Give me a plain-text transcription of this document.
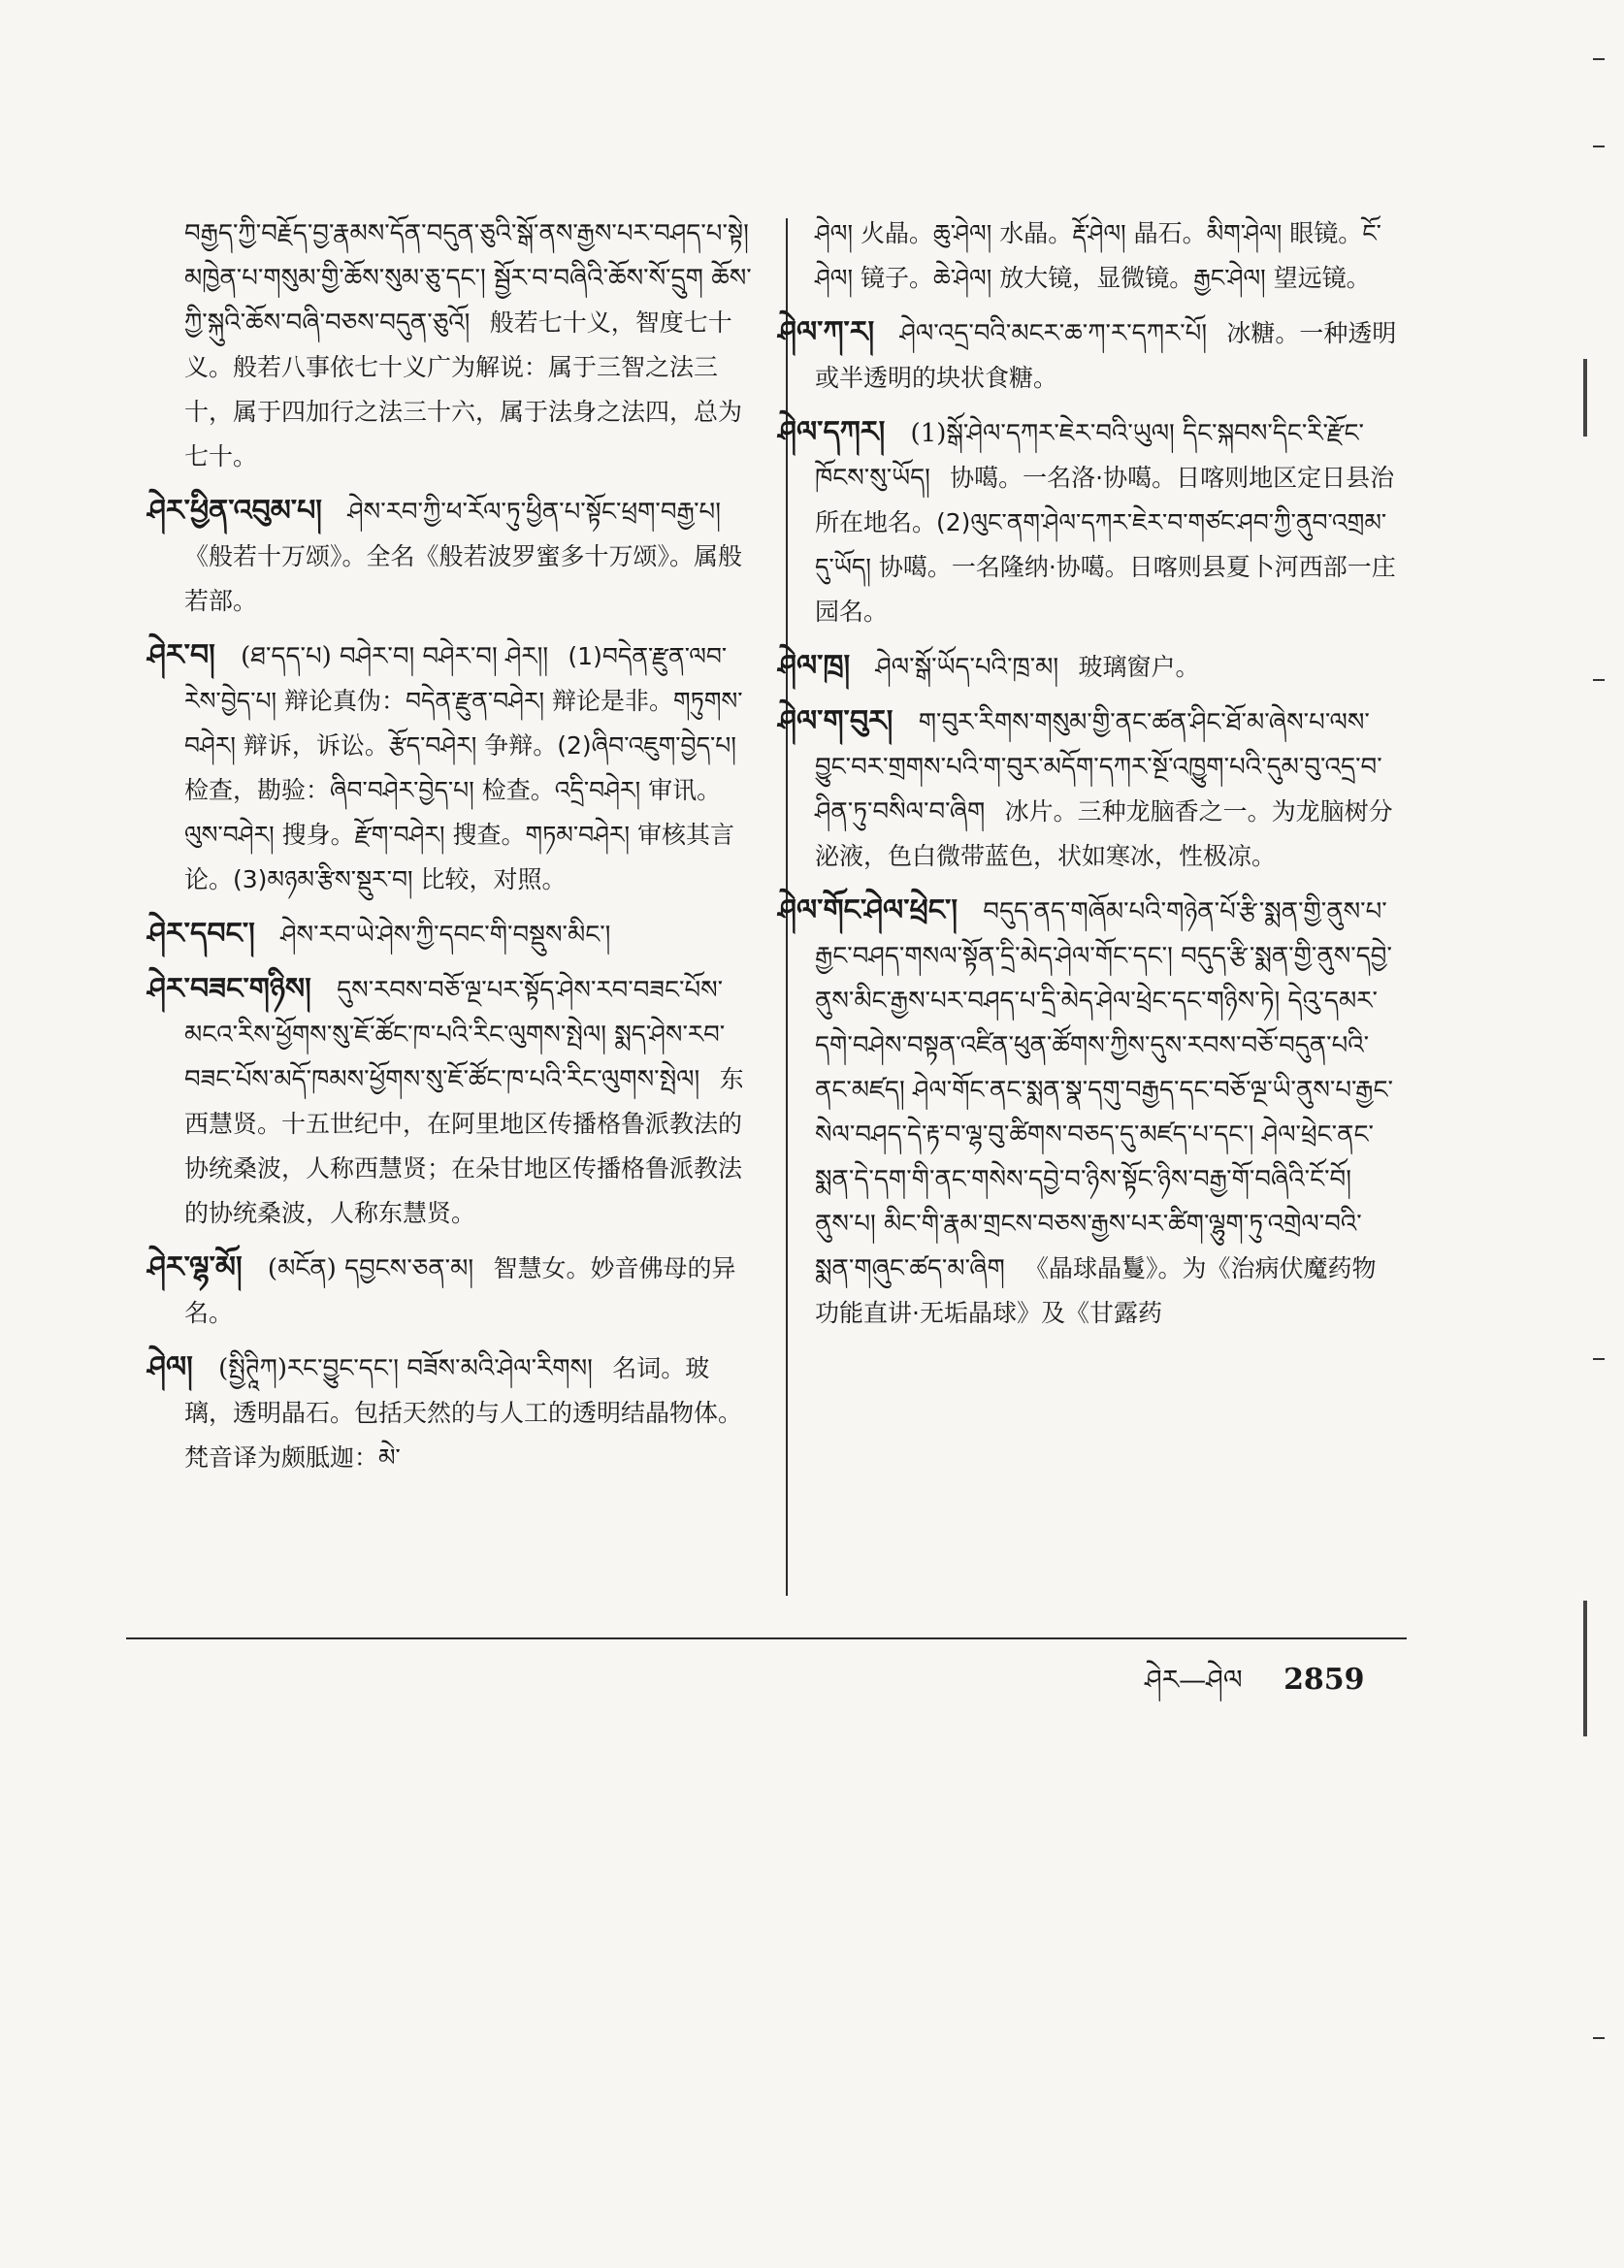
བརྒྱད་ཀྱི་བརྗོད་བྱ་རྣམས་དོན་བདུན་ཅུའི་སྒོ་ནས་རྒྱས་པར་བཤད་པ་སྟེ། མཁྱེན་པ་གསུམ་གྱི་ཆོས་སུམ་ཅུ་དང་། སྦྱོར་བ་བཞིའི་ཆོས་སོ་དྲུག ཆོས་ཀྱི་སྐུའི་ཆོས་བཞི་བཅས་བདུན་ཅུའོ། 般若七十义，智度七十义。般若八事依七十义广为解说：属于三智之法三十，属于四加行之法三十六，属于法身之法四，总为七十。
ཤེར་ཕྱིན་འབུམ་པ། ཤེས་རབ་ཀྱི་ཕ་རོལ་ཏུ་ཕྱིན་པ་སྟོང་ཕྲག་བརྒྱ་པ། 《般若十万颂》。全名《般若波罗蜜多十万颂》。属般若部。
ཤེར་བ། (ཐ་དད་པ) བཤེར་བ། བཤེར་བ། ཤེར།། (1)བདེན་རྫུན་ལབ་རེས་བྱེད་པ། 辩论真伪：བདེན་རྫུན་བཤེར། 辩论是非。གཏུགས་བཤེར། 辩诉，诉讼。རྩོད་བཤེར། 争辩。(2)ཞིབ་འཇུག་བྱེད་པ། 检查，勘验：ཞིབ་བཤེར་བྱེད་པ། 检查。འདྲི་བཤེར། 审讯。ལུས་བཤེར། 搜身。རྫོག་བཤེར། 搜查。གཏམ་བཤེར། 审核其言论。(3)མཉམ་རྩིས་སྡུར་བ། 比较，对照。
ཤེར་དབང་། ཤེས་རབ་ཡེ་ཤེས་ཀྱི་དབང་གི་བསྡུས་མིང་།
ཤེར་བཟང་གཉིས། དུས་རབས་བཅོ་ལྔ་པར་སྟོད་ཤེས་རབ་བཟང་པོས་མངའ་རིས་ཕྱོགས་སུ་ཇོ་ཚོང་ཁ་པའི་རིང་ལུགས་སྤེལ། སྨད་ཤེས་རབ་བཟང་པོས་མདོ་ཁམས་ཕྱོགས་སུ་ཇོ་ཚོང་ཁ་པའི་རིང་ལུགས་སྤེལ། 东西慧贤。十五世纪中，在阿里地区传播格鲁派教法的协统桑波，人称西慧贤；在朵甘地区传播格鲁派教法的协统桑波，人称东慧贤。
ཤེར་ལྷ་མོ། (མངོན) དབྱངས་ཅན་མ། 智慧女。妙音佛母的异名。
ཤེལ། (སྤྱིཊཱིཀ)རང་བྱུང་དང་། བཟོས་མའི་ཤེལ་རིགས། 名词。玻璃，透明晶石。包括天然的与人工的透明结晶物体。梵音译为颇胝迦：མེ་
ཤེལ། 火晶。ཆུ་ཤེལ། 水晶。རྡོ་ཤེལ། 晶石。མིག་ཤེལ། 眼镜。ངོ་ཤེལ། 镜子。ཆེ་ཤེལ། 放大镜，显微镜。རྒྱང་ཤེལ། 望远镜。
ཤེལ་ཀ་ར། ཤེལ་འདྲ་བའི་མངར་ཆ་ཀ་ར་དཀར་པོ། 冰糖。一种透明或半透明的块状食糖。
ཤེལ་དཀར། (1)སྒོ་ཤེལ་དཀར་ཇེར་བའི་ཡུལ། དིང་སྐབས་དིང་རི་རྫོང་ཁོངས་སུ་ཡོད། 协噶。一名洛·协噶。日喀则地区定日县治所在地名。(2)ལུང་ནག་ཤེལ་དཀར་ཇེར་བ་གཙང་ཤབ་ཀྱི་ནུབ་འགྲམ་དུ་ཡོད། 协噶。一名隆纳·协噶。日喀则县夏卜河西部一庄园名。
ཤེལ་ཁྲ། ཤེལ་སྒོ་ཡོད་པའི་ཁྲ་མ། 玻璃窗户。
ཤེལ་ག་བུར། ག་བུར་རིགས་གསུམ་གྱི་ནང་ཚན་ཤིང་ཐོ་མ་ཞེས་པ་ལས་བྱུང་བར་གྲགས་པའི་ག་བུར་མདོག་དཀར་སྔོ་འཁྱུག་པའི་དུམ་བུ་འདྲ་བ་ཤིན་ཏུ་བསིལ་བ་ཞིག 冰片。三种龙脑香之一。为龙脑树分泌液，色白微带蓝色，状如寒冰，性极凉。
ཤེལ་གོང་ཤེལ་ཕྲེང་། བདུད་ནད་གཞོམ་པའི་གཉེན་པོ་རྩི་སྨན་གྱི་ནུས་པ་རྒྱང་བཤད་གསལ་སྟོན་དྲི་མེད་ཤེལ་གོང་དང་། བདུད་རྩི་སྨན་གྱི་ནུས་དབྱེ་ནུས་མིང་རྒྱས་པར་བཤད་པ་དྲི་མེད་ཤེལ་ཕྲེང་དང་གཉིས་ཏེ། དེའུ་དམར་དགེ་བཤེས་བསྟན་འཛིན་ཕུན་ཚོགས་ཀྱིས་དུས་རབས་བཅོ་བདུན་པའི་ནང་མཛད། ཤེལ་གོང་ནང་སྨན་སྣ་དགུ་བརྒྱད་དང་བཅོ་ལྔ་ཡི་ནུས་པ་རྒྱང་སེལ་བཤད་དེ་རྟ་བ་ལྷ་བུ་ཚིགས་བཅད་དུ་མཛད་པ་དང་། ཤེལ་ཕྲེང་ནང་སྨན་དེ་དག་གི་ནང་གསེས་དབྱེ་བ་ཉིས་སྟོང་ཉིས་བརྒྱ་གོ་བཞིའི་ངོ་བོ། ནུས་པ། མིང་གི་རྣམ་གྲངས་བཅས་རྒྱས་པར་ཚིག་ལྷུག་ཏུ་འགྲེལ་བའི་སྨན་གཞུང་ཚད་མ་ཞིག 《晶球晶鬘》。为《治病伏魔药物功能直讲·无垢晶球》及《甘露药
ཤེར—ཤེལ 2859
